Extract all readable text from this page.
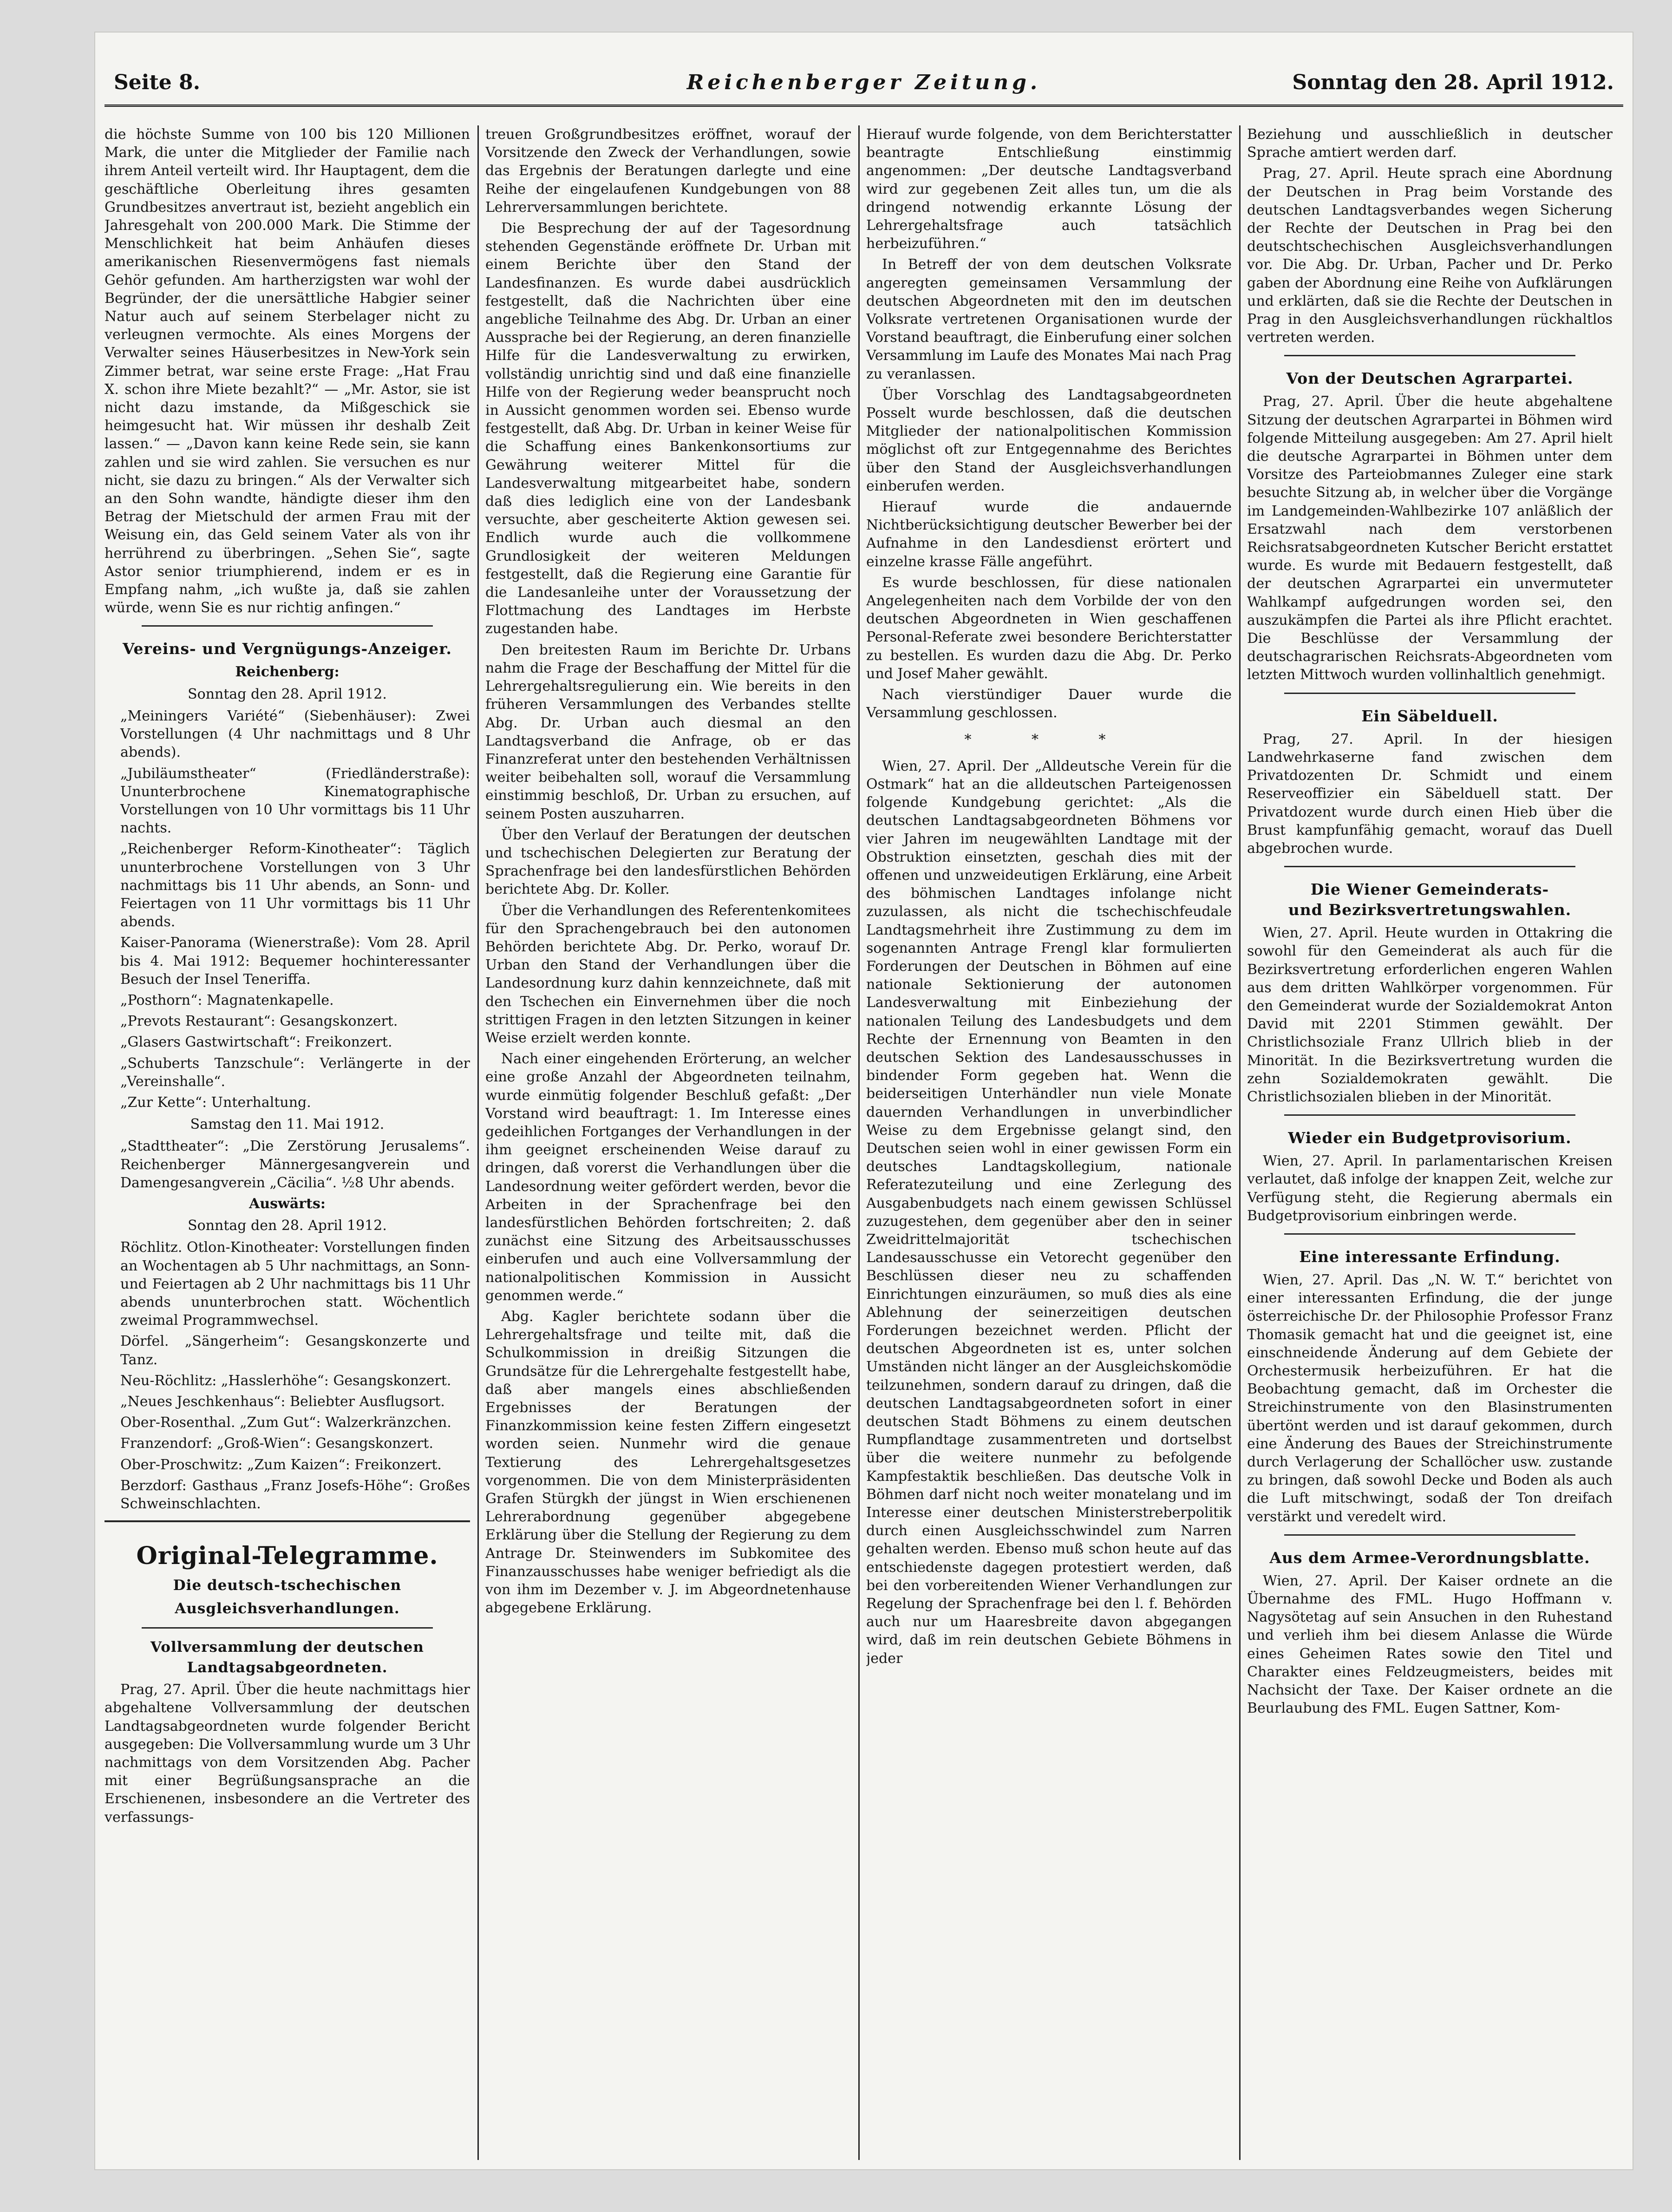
Seite 8.	Reichenberger Zeitung.	Sonntag den 28. April 1912.

die höchste Summe von 100 bis 120 Millionen Mark, die unter die Mitglieder der Familie nach ihrem Anteil verteilt wird. Ihr Hauptagent, dem die geschäftliche Oberleitung ihres gesamten Grundbesitzes anvertraut ist, bezieht angeblich ein Jahresgehalt von 200.000 Mark. Die Stimme der Menschlichkeit hat beim Anhäufen dieses amerikanischen Riesenvermögens fast niemals Gehör gefunden. Am hartherzigsten war wohl der Begründer, der die unersättliche Habgier seiner Natur auch auf seinem Sterbelager nicht zu verleugnen vermochte. Als eines Morgens der Verwalter seines Häuserbesitzes in New-York sein Zimmer betrat, war seine erste Frage: „Hat Frau X. schon ihre Miete bezahlt?“ — „Mr. Astor, sie ist nicht dazu imstande, da Mißgeschick sie heimgesucht hat. Wir müssen ihr deshalb Zeit lassen.“ — „Davon kann keine Rede sein, sie kann zahlen und sie wird zahlen. Sie versuchen es nur nicht, sie dazu zu bringen.“ Als der Verwalter sich an den Sohn wandte, händigte dieser ihm den Betrag der Mietschuld der armen Frau mit der Weisung ein, das Geld seinem Vater als von ihr herrührend zu überbringen. „Sehen Sie“, sagte Astor senior triumphierend, indem er es in Empfang nahm, „ich wußte ja, daß sie zahlen würde, wenn Sie es nur richtig anfingen.“

Vereins- und Vergnügungs-Anzeiger.
Reichenberg:
Sonntag den 28. April 1912.

„Meiningers Variété“ (Siebenhäuser): Zwei Vorstellungen (4 Uhr nachmittags und 8 Uhr abends).

„Jubiläumstheater“ (Friedländerstraße): Ununterbrochene Kinematographische Vorstellungen von 10 Uhr vormittags bis 11 Uhr nachts.

„Reichenberger Reform-Kinotheater“: Täglich ununterbrochene Vorstellungen von 3 Uhr nachmittags bis 11 Uhr abends, an Sonn- und Feiertagen von 11 Uhr vormittags bis 11 Uhr abends.

Kaiser-Panorama (Wienerstraße): Vom 28. April bis 4. Mai 1912: Bequemer hochinteressanter Besuch der Insel Teneriffa.

„Posthorn“: Magnatenkapelle.

„Prevots Restaurant“: Gesangskonzert.

„Glasers Gastwirtschaft“: Freikonzert.

„Schuberts Tanzschule“: Verlängerte in der „Vereinshalle“.

„Zur Kette“: Unterhaltung.

Samstag den 11. Mai 1912.

„Stadttheater“: „Die Zerstörung Jerusalems“. Reichenberger Männergesangverein und Damengesangverein „Cäcilia“. ½8 Uhr abends.

Auswärts:
Sonntag den 28. April 1912.

Röchlitz. Otlon-Kinotheater: Vorstellungen finden an Wochentagen ab 5 Uhr nachmittags, an Sonn- und Feiertagen ab 2 Uhr nachmittags bis 11 Uhr abends ununterbrochen statt. Wöchentlich zweimal Programmwechsel.

Dörfel. „Sängerheim“: Gesangskonzerte und Tanz.

Neu-Röchlitz: „Hasslerhöhe“: Gesangskonzert.

„Neues Jeschkenhaus“: Beliebter Ausflugsort.

Ober-Rosenthal. „Zum Gut“: Walzerkränzchen.

Franzendorf: „Groß-Wien“: Gesangskonzert.

Ober-Proschwitz: „Zum Kaizen“: Freikonzert.

Berzdorf: Gasthaus „Franz Josefs-Höhe“: Großes Schweinschlachten.

Original-Telegramme.
Die deutsch-tschechischen
Ausgleichsverhandlungen.
Vollversammlung der deutschen Landtagsabgeordneten.

Prag, 27. April. Über die heute nachmittags hier abgehaltene Vollversammlung der deutschen Landtagsabgeordneten wurde folgender Bericht ausgegeben: Die Vollversammlung wurde um 3 Uhr nachmittags von dem Vorsitzenden Abg. Pacher mit einer Begrüßungsansprache an die Erschienenen, insbesondere an die Vertreter des verfassungs-

treuen Großgrundbesitzes eröffnet, worauf der Vorsitzende den Zweck der Verhandlungen, sowie das Ergebnis der Beratungen darlegte und eine Reihe der eingelaufenen Kundgebungen von 88 Lehrerversammlungen berichtete.

Die Besprechung der auf der Tagesordnung stehenden Gegenstände eröffnete Dr. Urban mit einem Berichte über den Stand der Landesfinanzen. Es wurde dabei ausdrücklich festgestellt, daß die Nachrichten über eine angebliche Teilnahme des Abg. Dr. Urban an einer Aussprache bei der Regierung, an deren finanzielle Hilfe für die Landesverwaltung zu erwirken, vollständig unrichtig sind und daß eine finanzielle Hilfe von der Regierung weder beansprucht noch in Aussicht genommen worden sei. Ebenso wurde festgestellt, daß Abg. Dr. Urban in keiner Weise für die Schaffung eines Bankenkonsortiums zur Gewährung weiterer Mittel für die Landesverwaltung mitgearbeitet habe, sondern daß dies lediglich eine von der Landesbank versuchte, aber gescheiterte Aktion gewesen sei. Endlich wurde auch die vollkommene Grundlosigkeit der weiteren Meldungen festgestellt, daß die Regierung eine Garantie für die Landesanleihe unter der Voraussetzung der Flottmachung des Landtages im Herbste zugestanden habe.

Den breitesten Raum im Berichte Dr. Urbans nahm die Frage der Beschaffung der Mittel für die Lehrergehaltsregulierung ein. Wie bereits in den früheren Versammlungen des Verbandes stellte Abg. Dr. Urban auch diesmal an den Landtagsverband die Anfrage, ob er das Finanzreferat unter den bestehenden Verhältnissen weiter beibehalten soll, worauf die Versammlung einstimmig beschloß, Dr. Urban zu ersuchen, auf seinem Posten auszuharren.

Über den Verlauf der Beratungen der deutschen und tschechischen Delegierten zur Beratung der Sprachenfrage bei den landesfürstlichen Behörden berichtete Abg. Dr. Koller.

Über die Verhandlungen des Referentenkomitees für den Sprachengebrauch bei den autonomen Behörden berichtete Abg. Dr. Perko, worauf Dr. Urban den Stand der Verhandlungen über die Landesordnung kurz dahin kennzeichnete, daß mit den Tschechen ein Einvernehmen über die noch strittigen Fragen in den letzten Sitzungen in keiner Weise erzielt werden konnte.

Nach einer eingehenden Erörterung, an welcher eine große Anzahl der Abgeordneten teilnahm, wurde einmütig folgender Beschluß gefaßt: „Der Vorstand wird beauftragt: 1. Im Interesse eines gedeihlichen Fortganges der Verhandlungen in der ihm geeignet erscheinenden Weise darauf zu dringen, daß vorerst die Verhandlungen über die Landesordnung weiter gefördert werden, bevor die Arbeiten in der Sprachenfrage bei den landesfürstlichen Behörden fortschreiten; 2. daß zunächst eine Sitzung des Arbeitsausschusses einberufen und auch eine Vollversammlung der nationalpolitischen Kommission in Aussicht genommen werde.“

Abg. Kagler berichtete sodann über die Lehrergehaltsfrage und teilte mit, daß die Schulkommission in dreißig Sitzungen die Grundsätze für die Lehrergehalte festgestellt habe, daß aber mangels eines abschließenden Ergebnisses der Beratungen der Finanzkommission keine festen Ziffern eingesetzt worden seien. Nunmehr wird die genaue Textierung des Lehrergehaltsgesetzes vorgenommen. Die von dem Ministerpräsidenten Grafen Stürgkh der jüngst in Wien erschienenen Lehrerabordnung gegenüber abgegebene Erklärung über die Stellung der Regierung zu dem Antrage Dr. Steinwenders im Subkomitee des Finanzausschusses habe weniger befriedigt als die von ihm im Dezember v. J. im Abgeordnetenhause abgegebene Erklärung.

Hierauf wurde folgende, von dem Berichterstatter beantragte Entschließung einstimmig angenommen: „Der deutsche Landtagsverband wird zur gegebenen Zeit alles tun, um die als dringend notwendig erkannte Lösung der Lehrergehaltsfrage auch tatsächlich herbeizuführen.“

In Betreff der von dem deutschen Volksrate angeregten gemeinsamen Versammlung der deutschen Abgeordneten mit den im deutschen Volksrate vertretenen Organisationen wurde der Vorstand beauftragt, die Einberufung einer solchen Versammlung im Laufe des Monates Mai nach Prag zu veranlassen.

Über Vorschlag des Landtagsabgeordneten Posselt wurde beschlossen, daß die deutschen Mitglieder der nationalpolitischen Kommission möglichst oft zur Entgegennahme des Berichtes über den Stand der Ausgleichsverhandlungen einberufen werden.

Hierauf wurde die andauernde Nichtberücksichtigung deutscher Bewerber bei der Aufnahme in den Landesdienst erörtert und einzelne krasse Fälle angeführt.

Es wurde beschlossen, für diese nationalen Angelegenheiten nach dem Vorbilde der von den deutschen Abgeordneten in Wien geschaffenen Personal-Referate zwei besondere Berichterstatter zu bestellen. Es wurden dazu die Abg. Dr. Perko und Josef Maher gewählt.

Nach vierstündiger Dauer wurde die Versammlung geschlossen.

* * *

Wien, 27. April. Der „Alldeutsche Verein für die Ostmark“ hat an die alldeutschen Parteigenossen folgende Kundgebung gerichtet: „Als die deutschen Landtagsabgeordneten Böhmens vor vier Jahren im neugewählten Landtage mit der Obstruktion einsetzten, geschah dies mit der offenen und unzweideutigen Erklärung, eine Arbeit des böhmischen Landtages infolange nicht zuzulassen, als nicht die tschechischfeudale Landtagsmehrheit ihre Zustimmung zu dem im sogenannten Antrage Frengl klar formulierten Forderungen der Deutschen in Böhmen auf eine nationale Sektionierung der autonomen Landesverwaltung mit Einbeziehung der nationalen Teilung des Landesbudgets und dem Rechte der Ernennung von Beamten in den deutschen Sektion des Landesausschusses in bindender Form gegeben hat. Wenn die beiderseitigen Unterhändler nun viele Monate dauernden Verhandlungen in unverbindlicher Weise zu dem Ergebnisse gelangt sind, den Deutschen seien wohl in einer gewissen Form ein deutsches Landtagskollegium, nationale Referatezuteilung und eine Zerlegung des Ausgabenbudgets nach einem gewissen Schlüssel zuzugestehen, dem gegenüber aber den in seiner Zweidrittelmajorität tschechischen Landesausschusse ein Vetorecht gegenüber den Beschlüssen dieser neu zu schaffenden Einrichtungen einzuräumen, so muß dies als eine Ablehnung der seinerzeitigen deutschen Forderungen bezeichnet werden. Pflicht der deutschen Abgeordneten ist es, unter solchen Umständen nicht länger an der Ausgleichskomödie teilzunehmen, sondern darauf zu dringen, daß die deutschen Landtagsabgeordneten sofort in einer deutschen Stadt Böhmens zu einem deutschen Rumpflandtage zusammentreten und dortselbst über die weitere nunmehr zu befolgende Kampfestaktik beschließen. Das deutsche Volk in Böhmen darf nicht noch weiter monatelang und im Interesse einer deutschen Ministerstreberpolitik durch einen Ausgleichsschwindel zum Narren gehalten werden. Ebenso muß schon heute auf das entschiedenste dagegen protestiert werden, daß bei den vorbereitenden Wiener Verhandlungen zur Regelung der Sprachenfrage bei den l. f. Behörden auch nur um Haaresbreite davon abgegangen wird, daß im rein deutschen Gebiete Böhmens in jeder

Beziehung und ausschließlich in deutscher Sprache amtiert werden darf.

Prag, 27. April. Heute sprach eine Abordnung der Deutschen in Prag beim Vorstande des deutschen Landtagsverbandes wegen Sicherung der Rechte der Deutschen in Prag bei den deutschtschechischen Ausgleichsverhandlungen vor. Die Abg. Dr. Urban, Pacher und Dr. Perko gaben der Abordnung eine Reihe von Aufklärungen und erklärten, daß sie die Rechte der Deutschen in Prag in den Ausgleichsverhandlungen rückhaltlos vertreten werden.

Von der Deutschen Agrarpartei.

Prag, 27. April. Über die heute abgehaltene Sitzung der deutschen Agrarpartei in Böhmen wird folgende Mitteilung ausgegeben: Am 27. April hielt die deutsche Agrarpartei in Böhmen unter dem Vorsitze des Parteiobmannes Zuleger eine stark besuchte Sitzung ab, in welcher über die Vorgänge im Landgemeinden-Wahlbezirke 107 anläßlich der Ersatzwahl nach dem verstorbenen Reichsratsabgeordneten Kutscher Bericht erstattet wurde. Es wurde mit Bedauern festgestellt, daß der deutschen Agrarpartei ein unvermuteter Wahlkampf aufgedrungen worden sei, den auszukämpfen die Partei als ihre Pflicht erachtet. Die Beschlüsse der Versammlung der deutschagrarischen Reichsrats-Abgeordneten vom letzten Mittwoch wurden vollinhaltlich genehmigt.

Ein Säbelduell.

Prag, 27. April. In der hiesigen Landwehrkaserne fand zwischen dem Privatdozenten Dr. Schmidt und einem Reserveoffizier ein Säbelduell statt. Der Privatdozent wurde durch einen Hieb über die Brust kampfunfähig gemacht, worauf das Duell abgebrochen wurde.

Die Wiener Gemeinderats-
und Bezirksvertretungswahlen.

Wien, 27. April. Heute wurden in Ottakring die sowohl für den Gemeinderat als auch für die Bezirksvertretung erforderlichen engeren Wahlen aus dem dritten Wahlkörper vorgenommen. Für den Gemeinderat wurde der Sozialdemokrat Anton David mit 2201 Stimmen gewählt. Der Christlichsoziale Franz Ullrich blieb in der Minorität. In die Bezirksvertretung wurden die zehn Sozialdemokraten gewählt. Die Christlichsozialen blieben in der Minorität.

Wieder ein Budgetprovisorium.

Wien, 27. April. In parlamentarischen Kreisen verlautet, daß infolge der knappen Zeit, welche zur Verfügung steht, die Regierung abermals ein Budgetprovisorium einbringen werde.

Eine interessante Erfindung.

Wien, 27. April. Das „N. W. T.“ berichtet von einer interessanten Erfindung, die der junge österreichische Dr. der Philosophie Professor Franz Thomasik gemacht hat und die geeignet ist, eine einschneidende Änderung auf dem Gebiete der Orchestermusik herbeizuführen. Er hat die Beobachtung gemacht, daß im Orchester die Streichinstrumente von den Blasinstrumenten übertönt werden und ist darauf gekommen, durch eine Änderung des Baues der Streichinstrumente durch Verlagerung der Schallöcher usw. zustande zu bringen, daß sowohl Decke und Boden als auch die Luft mitschwingt, sodaß der Ton dreifach verstärkt und veredelt wird.

Aus dem Armee-Verordnungsblatte.

Wien, 27. April. Der Kaiser ordnete an die Übernahme des FML. Hugo Hoffmann v. Nagysötetag auf sein Ansuchen in den Ruhestand und verlieh ihm bei diesem Anlasse die Würde eines Geheimen Rates sowie den Titel und Charakter eines Feldzeugmeisters, beides mit Nachsicht der Taxe. Der Kaiser ordnete an die Beurlaubung des FML. Eugen Sattner, Kom-
